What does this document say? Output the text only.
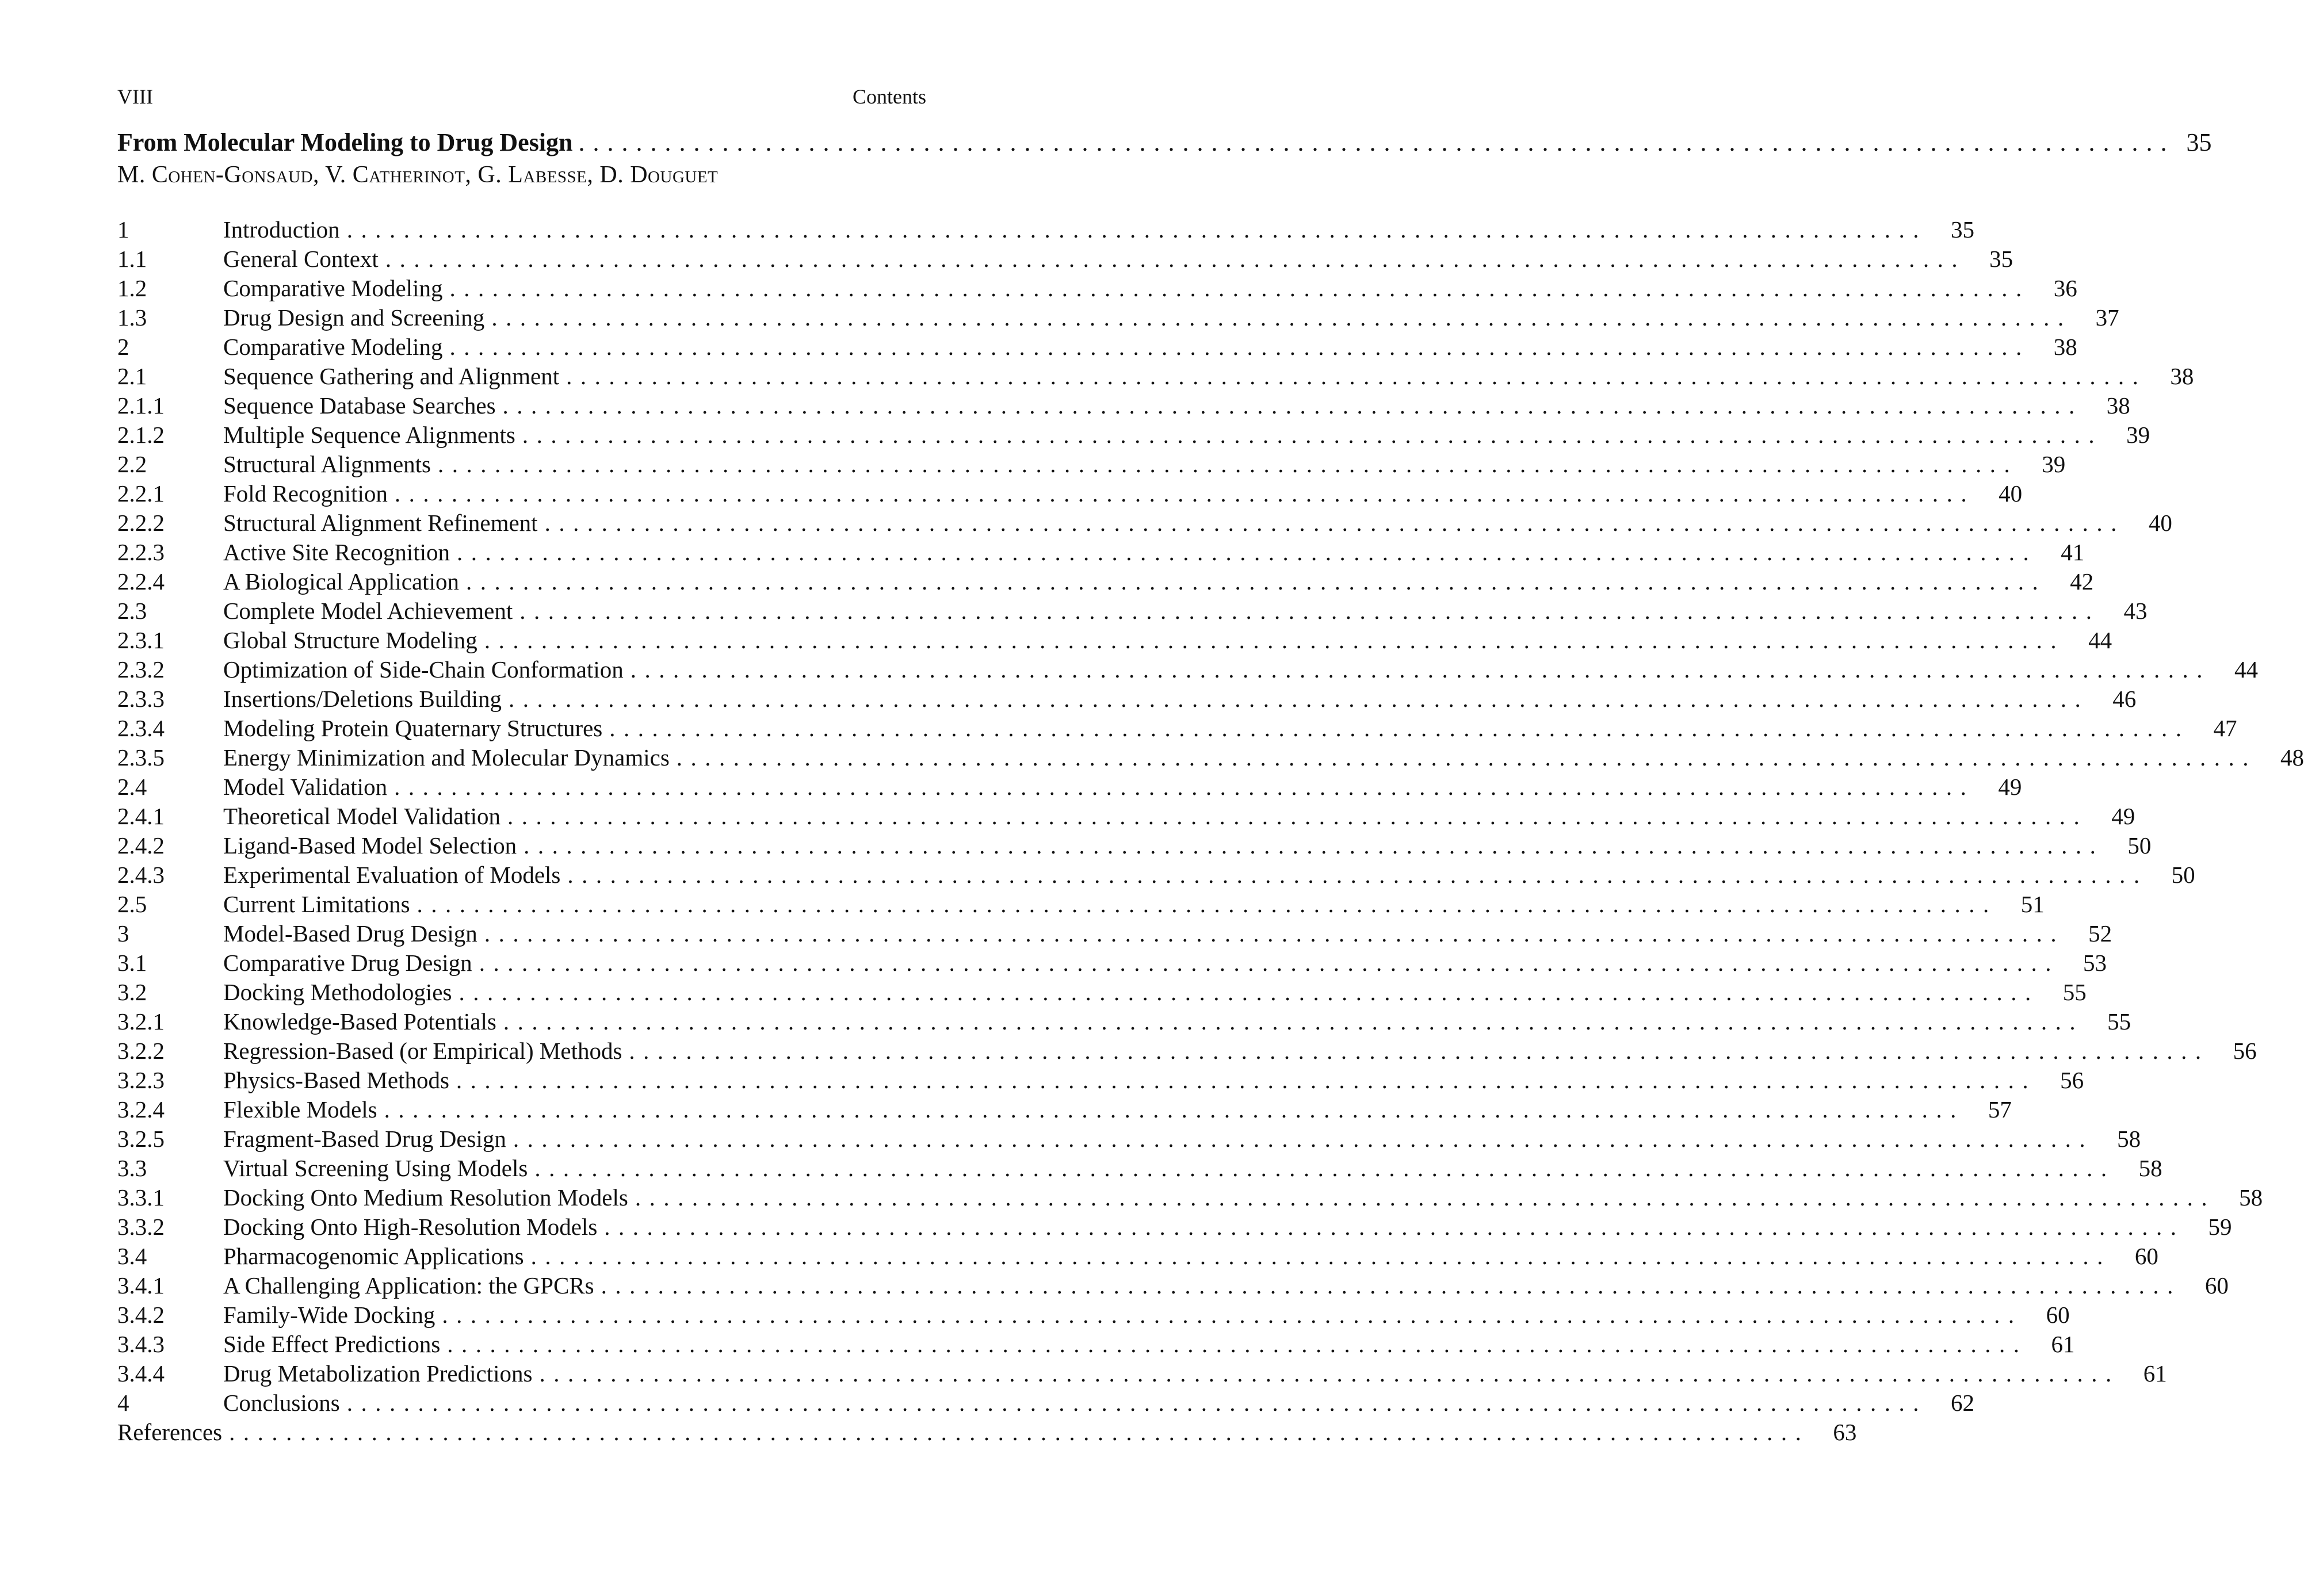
VIII	Contents
From Molecular Modeling to Drug Design ............................................................................................................... 35
M. Cohen-Gonsaud, V. Catherinot, G. Labesse, D. Douguet
1	Introduction ...............................................................................................................	35
1.1	General Context ...............................................................................................................	35
1.2	Comparative Modeling ...............................................................................................................	36
1.3	Drug Design and Screening ...............................................................................................................	37
2	Comparative Modeling ...............................................................................................................	38
2.1	Sequence Gathering and Alignment ...............................................................................................................	38
2.1.1	Sequence Database Searches ...............................................................................................................	38
2.1.2	Multiple Sequence Alignments ...............................................................................................................	39
2.2	Structural Alignments ...............................................................................................................	39
2.2.1	Fold Recognition ...............................................................................................................	40
2.2.2	Structural Alignment Refinement ...............................................................................................................	40
2.2.3	Active Site Recognition ...............................................................................................................	41
2.2.4	A Biological Application ...............................................................................................................	42
2.3	Complete Model Achievement ...............................................................................................................	43
2.3.1	Global Structure Modeling ...............................................................................................................	44
2.3.2	Optimization of Side-Chain Conformation ...............................................................................................................	44
2.3.3	Insertions/Deletions Building ...............................................................................................................	46
2.3.4	Modeling Protein Quaternary Structures ...............................................................................................................	47
2.3.5	Energy Minimization and Molecular Dynamics ...............................................................................................................	48
2.4	Model Validation ...............................................................................................................	49
2.4.1	Theoretical Model Validation ...............................................................................................................	49
2.4.2	Ligand-Based Model Selection ...............................................................................................................	50
2.4.3	Experimental Evaluation of Models ...............................................................................................................	50
2.5	Current Limitations ...............................................................................................................	51
3	Model-Based Drug Design ...............................................................................................................	52
3.1	Comparative Drug Design ...............................................................................................................	53
3.2	Docking Methodologies ...............................................................................................................	55
3.2.1	Knowledge-Based Potentials ...............................................................................................................	55
3.2.2	Regression-Based (or Empirical) Methods ...............................................................................................................	56
3.2.3	Physics-Based Methods ...............................................................................................................	56
3.2.4	Flexible Models ...............................................................................................................	57
3.2.5	Fragment-Based Drug Design ...............................................................................................................	58
3.3	Virtual Screening Using Models ...............................................................................................................	58
3.3.1	Docking Onto Medium Resolution Models ...............................................................................................................	58
3.3.2	Docking Onto High-Resolution Models ...............................................................................................................	59
3.4	Pharmacogenomic Applications ...............................................................................................................	60
3.4.1	A Challenging Application: the GPCRs ...............................................................................................................	60
3.4.2	Family-Wide Docking ...............................................................................................................	60
3.4.3	Side Effect Predictions ...............................................................................................................	61
3.4.4	Drug Metabolization Predictions ...............................................................................................................	61
4	Conclusions ...............................................................................................................	62
References ...............................................................................................................	63
